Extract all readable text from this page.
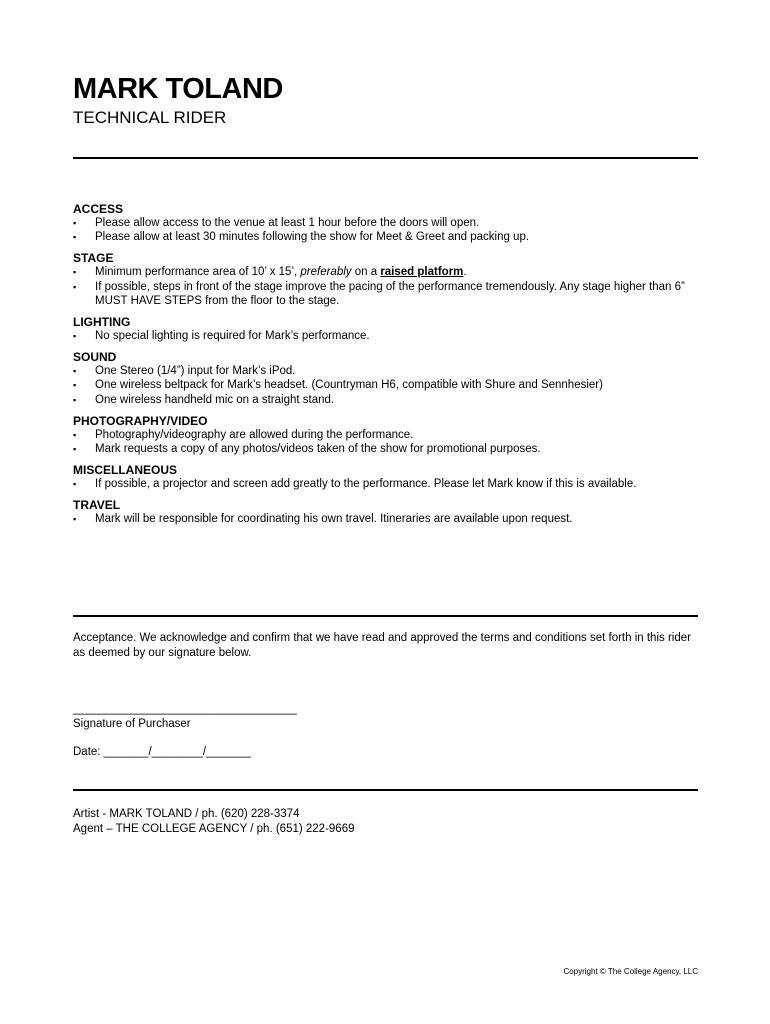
MARK TOLAND
TECHNICAL RIDER
ACCESS
▪ Please allow access to the venue at least 1 hour before the doors will open.
▪ Please allow at least 30 minutes following the show for Meet & Greet and packing up.
STAGE
▪ Minimum performance area of 10’ x 15’, preferably on a raised platform.
▪ If possible, steps in front of the stage improve the pacing of the performance tremendously. Any stage higher than 6” MUST HAVE STEPS from the floor to the stage.
LIGHTING
▪ No special lighting is required for Mark’s performance.
SOUND
▪ One Stereo (1/4”) input for Mark’s iPod.
▪ One wireless beltpack for Mark’s headset. (Countryman H6, compatible with Shure and Sennhesier)
▪ One wireless handheld mic on a straight stand.
PHOTOGRAPHY/VIDEO
▪ Photography/videography are allowed during the performance.
▪ Mark requests a copy of any photos/videos taken of the show for promotional purposes.
MISCELLANEOUS
▪ If possible, a projector and screen add greatly to the performance. Please let Mark know if this is available.
TRAVEL
▪ Mark will be responsible for coordinating his own travel. Itineraries are available upon request.

Acceptance. We acknowledge and confirm that we have read and approved the terms and conditions set forth in this rider as deemed by our signature below.

___________________________________
Signature of Purchaser
Date: _______/________/_______
Artist - MARK TOLAND / ph. (620) 228-3374
Agent – THE COLLEGE AGENCY / ph. (651) 222-9669
Copyright © The College Agency, LLC
